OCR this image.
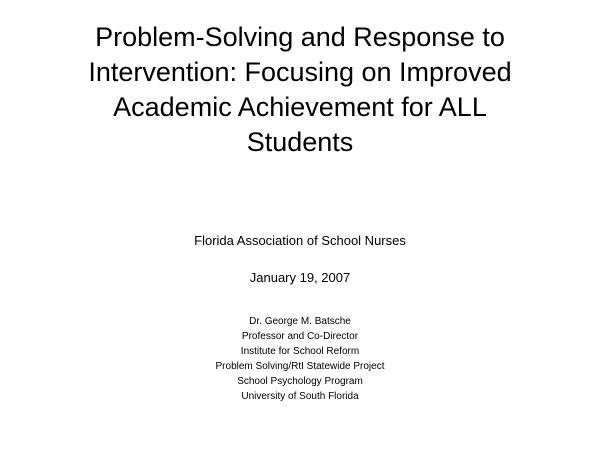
Problem-Solving and Response to
Intervention: Focusing on Improved
Academic Achievement for ALL
Students
Florida Association of School Nurses
January 19, 2007
Dr. George M. Batsche
Professor and Co-Director
Institute for School Reform
Problem Solving/RtI Statewide Project
School Psychology Program
University of South Florida
